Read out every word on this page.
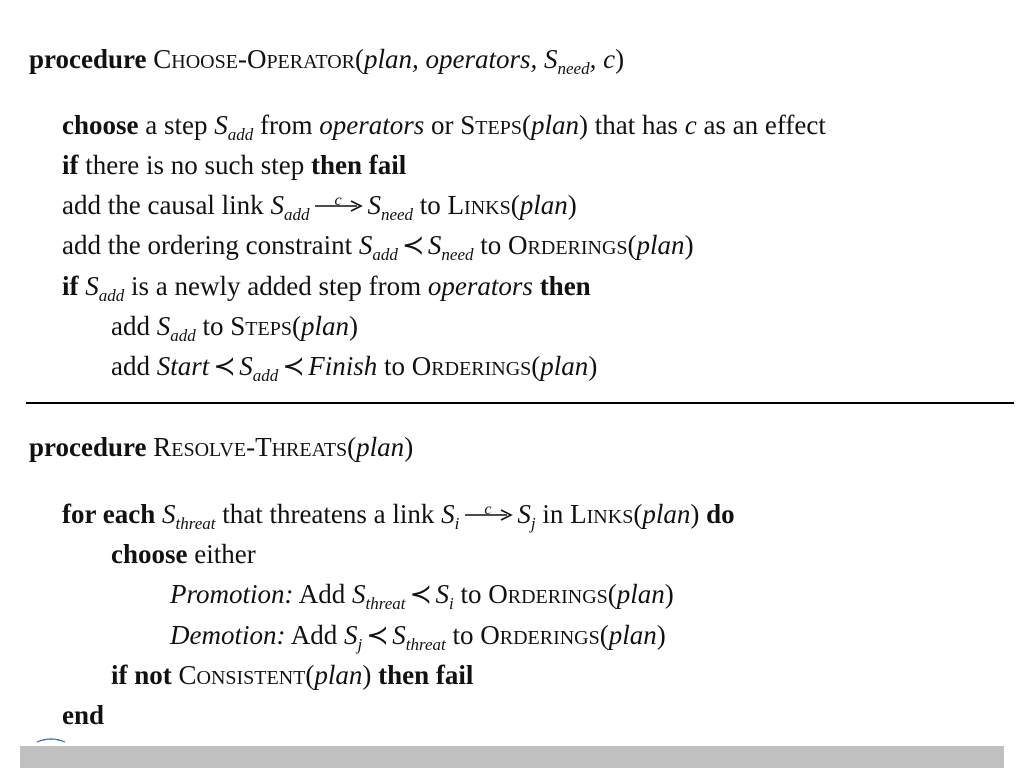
procedure CHOOSE-OPERATOR(plan, operators, $S_{need}$, c)
choose a step $S_{add}$ from operators or STEPS(plan) that has c as an effect
if there is no such step then fail
add the causal link $S_{add}$
c $S_{need}$ to LINKS(plan)
add the ordering constraint $S_{add}$ ≺ $S_{need}$ to ORDERINGS(plan)
if $S_{add}$ is a newly added step from operators then
add $S_{add}$ to STEPS(plan)
add Start ≺ $S_{add}$ ≺ Finish to ORDERINGS(plan)
procedure RESOLVE-THREATS(plan)
for each $S_{threat}$ that threatens a link $S_i$
c $S_j$ in LINKS(plan) do
choose either
Promotion: Add $S_{threat}$ ≺ $S_i$ to ORDERINGS(plan)
Demotion: Add $S_j$ ≺ $S_{threat}$ to ORDERINGS(plan)
if not CONSISTENT(plan) then fail
end
